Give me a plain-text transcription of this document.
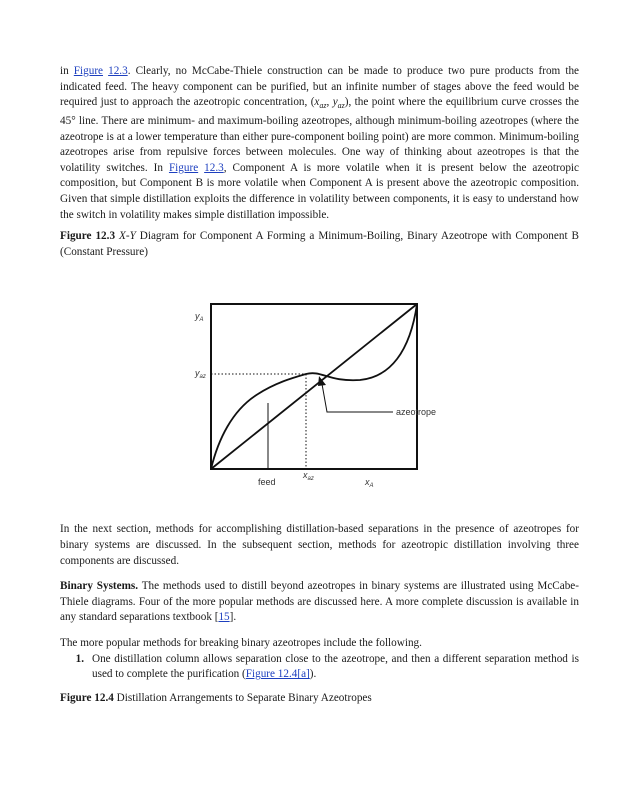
in Figure 12.3. Clearly, no McCabe-Thiele construction can be made to produce two pure products from the indicated feed. The heavy component can be purified, but an infinite number of stages above the feed would be required just to approach the azeotropic concentration, ($x_{az}$, $y_{az}$), the point where the equilibrium curve crosses the 45° line. There are minimum- and maximum-boiling azeotropes, although minimum-boiling azeotropes (where the azeotrope is at a lower temperature than either pure-component boiling point) are more common. Minimum-boiling azeotropes arise from repulsive forces between molecules. One way of thinking about azeotropes is that the volatility switches. In Figure 12.3, Component A is more volatile when it is present below the azeotropic composition, but Component B is more volatile when Component A is present above the azeotropic composition. Given that simple distillation exploits the difference in volatility between components, it is easy to understand how the switch in volatility makes simple distillation impossible.

Figure 12.3 X-Y Diagram for Component A Forming a Minimum-Boiling, Binary Azeotrope with Component B (Constant Pressure)

$y_A$
$y_{az}$
$x_{az}$
feed	$x_A$
azeotrope

In the next section, methods for accomplishing distillation-based separations in the presence of azeotropes for binary systems are discussed. In the subsequent section, methods for azeotropic distillation involving three components are discussed.

Binary Systems. The methods used to distill beyond azeotropes in binary systems are illustrated using McCabe-Thiele diagrams. Four of the more popular methods are discussed here. A more complete discussion is available in any standard separations textbook [15].

The more popular methods for breaking binary azeotropes include the following.

1. One distillation column allows separation close to the azeotrope, and then a different separation method is used to complete the purification (Figure 12.4[a]).

Figure 12.4 Distillation Arrangements to Separate Binary Azeotropes
